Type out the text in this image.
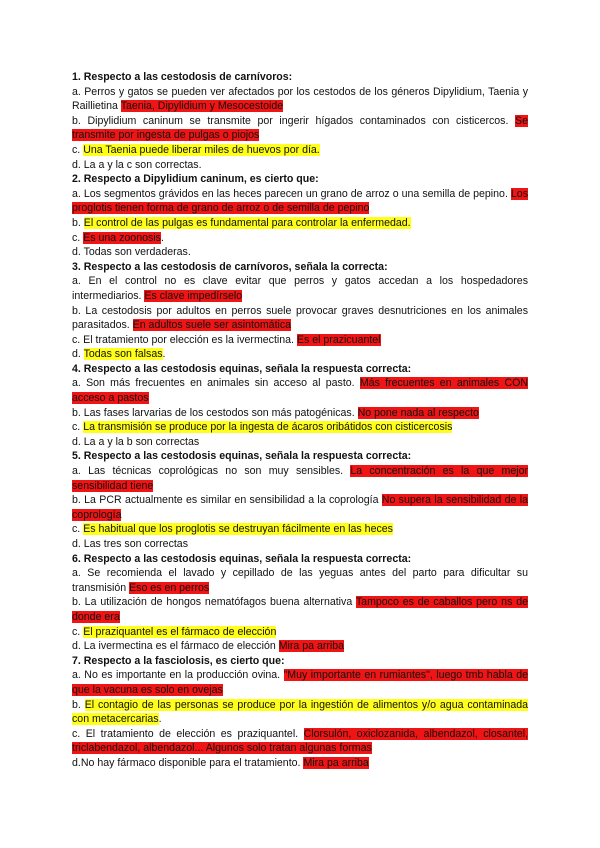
1. Respecto a las cestodosis de carnívoros:

a. Perros y gatos se pueden ver afectados por los cestodos de los géneros Dipylidium, Taenia y Raillietina Taenia, Dipylidium y Mesocestoide

b. Dipylidium caninum se transmite por ingerir hígados contaminados con cisticercos. Se transmite por ingesta de pulgas o piojos

c. Una Taenia puede liberar miles de huevos por día.

d. La a y la c son correctas.

2. Respecto a Dipylidium caninum, es cierto que:

a. Los segmentos grávidos en las heces parecen un grano de arroz o una semilla de pepino. Los proglotis tienen forma de grano de arroz o de semilla de pepino

b. El control de las pulgas es fundamental para controlar la enfermedad.

c. Es una zoonosis.

d. Todas son verdaderas.

3. Respecto a las cestodosis de carnívoros, señala la correcta:

a. En el control no es clave evitar que perros y gatos accedan a los hospedadores intermediarios. Es clave impedírselo

b. La cestodosis por adultos en perros suele provocar graves desnutriciones en los animales parasitados. En adultos suele ser asintomática

c. El tratamiento por elección es la ivermectina. Es el prazicuantel

d. Todas son falsas.

4. Respecto a las cestodosis equinas, señala la respuesta correcta:

a. Son más frecuentes en animales sin acceso al pasto. Más frecuentes en animales CON acceso a pastos

b. Las fases larvarias de los cestodos son más patogénicas. No pone nada al respecto

c. La transmisión se produce por la ingesta de ácaros oribátidos con cisticercosis

d. La a y la b son correctas

5. Respecto a las cestodosis equinas, señala la respuesta correcta:

a. Las técnicas coprológicas no son muy sensibles. La concentración es la que mejor sensibilidad tiene

b. La PCR actualmente es similar en sensibilidad a la coprología No supera la sensibilidad de la coprología

c. Es habitual que los proglotis se destruyan fácilmente en las heces

d. Las tres son correctas

6. Respecto a las cestodosis equinas, señala la respuesta correcta:

a. Se recomienda el lavado y cepillado de las yeguas antes del parto para dificultar su transmisión Eso es en perros

b. La utilización de hongos nematófagos buena alternativa Tampoco es de caballos pero ns de donde era

c. El praziquantel es el fármaco de elección

d. La ivermectina es el fármaco de elección Mira pa arriba

7. Respecto a la fasciolosis, es cierto que:

a. No es importante en la producción ovina. "Muy importante en rumiantes", luego tmb habla de que la vacuna es solo en ovejas

b. El contagio de las personas se produce por la ingestión de alimentos y/o agua contaminada con metacercarias.

c. El tratamiento de elección es praziquantel. Clorsulón, oxiclozanida, albendazol, closantel, triclabendazol, albendazol... Algunos solo tratan algunas formas

d.No hay fármaco disponible para el tratamiento. Mira pa arriba
